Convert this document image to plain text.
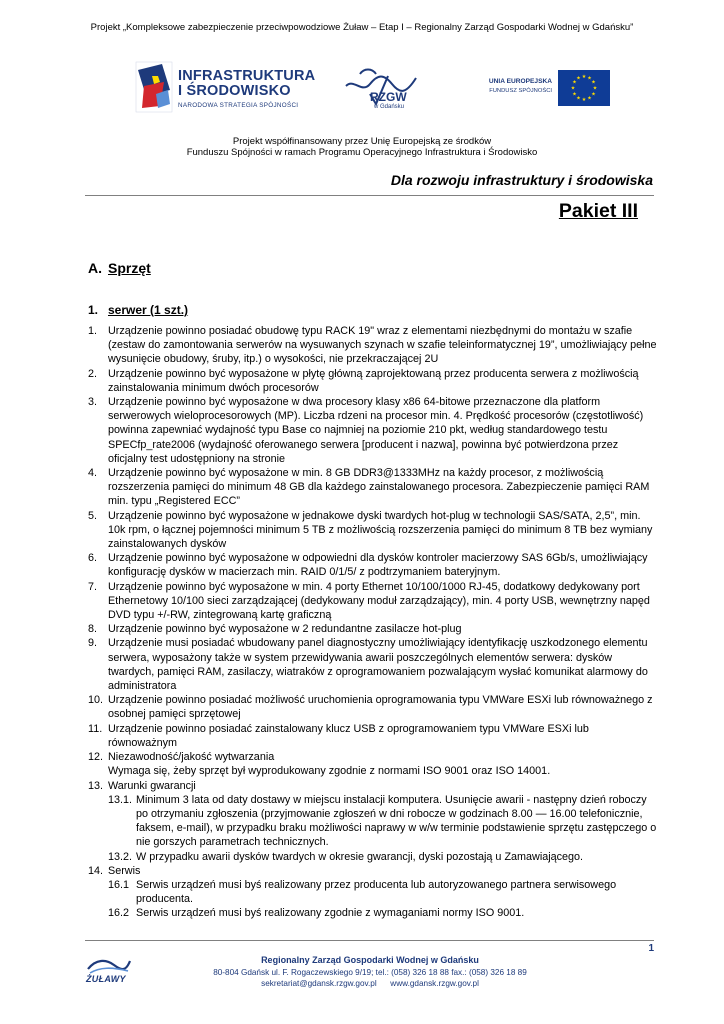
Projekt „Kompleksowe zabezpieczenie przeciwpowodziowe Żuław – Etap I – Regionalny Zarząd Gospodarki Wodnej w Gdańsku”
INFRASTRUKTURA
I ŚRODOWISKO
NARODOWA STRATEGIA SPÓJNOŚCI
RZGW
w Gdańsku
UNIA EUROPEJSKA
FUNDUSZ SPÓJNOŚCI
★ ★
★
★
★
★
★
★
★
★
★
★
Projekt współfinansowany przez Unię Europejską ze środków
Funduszu Spójności w ramach Programu Operacyjnego Infrastruktura i Środowisko
Dla rozwoju infrastruktury i środowiska
Pakiet III
A. Sprzęt
1. serwer (1 szt.)
1. Urządzenie powinno posiadać obudowę typu RACK 19" wraz z elementami niezbędnymi do montażu w szafie (zestaw do zamontowania serwerów na wysuwanych szynach w szafie teleinformatycznej 19”, umożliwiający pełne wysunięcie obudowy, śruby, itp.) o wysokości, nie przekraczającej 2U
2. Urządzenie powinno być wyposażone w płytę główną zaprojektowaną przez producenta serwera z możliwością zainstalowania minimum dwóch procesorów
3. Urządzenie powinno być wyposażone w dwa procesory klasy x86 64-bitowe przeznaczone dla platform serwerowych wieloprocesorowych (MP). Liczba rdzeni na procesor min. 4. Prędkość procesorów (częstotliwość) powinna zapewniać wydajność typu Base co najmniej na poziomie 210 pkt, według standardowego testu SPECfp_rate2006 (wydajność oferowanego serwera [producent i nazwa], powinna być potwierdzona przez oficjalny test udostępniony na stronie
4. Urządzenie powinno być wyposażone w min. 8 GB DDR3@1333MHz na każdy procesor, z możliwością rozszerzenia pamięci do minimum 48 GB dla każdego zainstalowanego procesora. Zabezpieczenie pamięci RAM min. typu „Registered ECC”
5. Urządzenie powinno być wyposażone w jednakowe dyski twardych hot-plug w technologii SAS/SATA, 2,5”, min. 10k rpm, o łącznej pojemności minimum 5 TB z możliwością rozszerzenia pamięci do minimum 8 TB bez wymiany zainstalowanych dysków
6. Urządzenie powinno być wyposażone w odpowiedni dla dysków kontroler macierzowy SAS 6Gb/s, umożliwiający konfigurację dysków w macierzach min. RAID 0/1/5/ z podtrzymaniem bateryjnym.
7. Urządzenie powinno być wyposażone w min. 4 porty Ethernet 10/100/1000 RJ-45, dodatkowy dedykowany port Ethernetowy 10/100 sieci zarządzającej (dedykowany moduł zarządzający), min. 4 porty USB, wewnętrzny napęd DVD typu +/-RW, zintegrowaną kartę graficzną
8. Urządzenie powinno być wyposażone w 2 redundantne zasilacze hot-plug
9. Urządzenie musi posiadać wbudowany panel diagnostyczny umożliwiający identyfikację uszkodzonego elementu serwera, wyposażony także w system przewidywania awarii poszczególnych elementów serwera: dysków twardych, pamięci RAM, zasilaczy, wiatraków z oprogramowaniem pozwalającym wysłać komunikat alarmowy do administratora
10. Urządzenie powinno posiadać możliwość uruchomienia oprogramowania typu VMWare ESXi lub równoważnego z osobnej pamięci sprzętowej
11. Urządzenie powinno posiadać zainstalowany klucz USB z oprogramowaniem typu VMWare ESXi lub równoważnym
12. Niezawodność/jakość wytwarzania
Wymaga się, żeby sprzęt był wyprodukowany zgodnie z normami ISO 9001 oraz ISO 14001.
13. Warunki gwarancji
13.1. Minimum 3 lata od daty dostawy w miejscu instalacji komputera. Usunięcie awarii - następny dzień roboczy po otrzymaniu zgłoszenia (przyjmowanie zgłoszeń w dni robocze w godzinach 8.00 — 16.00 telefonicznie, faksem, e-mail), w przypadku braku możliwości naprawy w w/w terminie podstawienie sprzętu zastępczego o nie gorszych parametrach technicznych.
13.2. W przypadku awarii dysków twardych w okresie gwarancji, dyski pozostają u Zamawiającego.
14. Serwis
16.1 Serwis urządzeń musi byś realizowany przez producenta lub autoryzowanego partnera serwisowego producenta.
16.2 Serwis urządzeń musi byś realizowany zgodnie z wymaganiami normy ISO 9001.
1
ŻUŁAWY
Regionalny Zarząd Gospodarki Wodnej w Gdańsku
80-804 Gdańsk ul. F. Rogaczewskiego 9/19; tel.: (058) 326 18 88 fax.: (058) 326 18 89
sekretariat@gdansk.rzgw.gov.pl      www.gdansk.rzgw.gov.pl
